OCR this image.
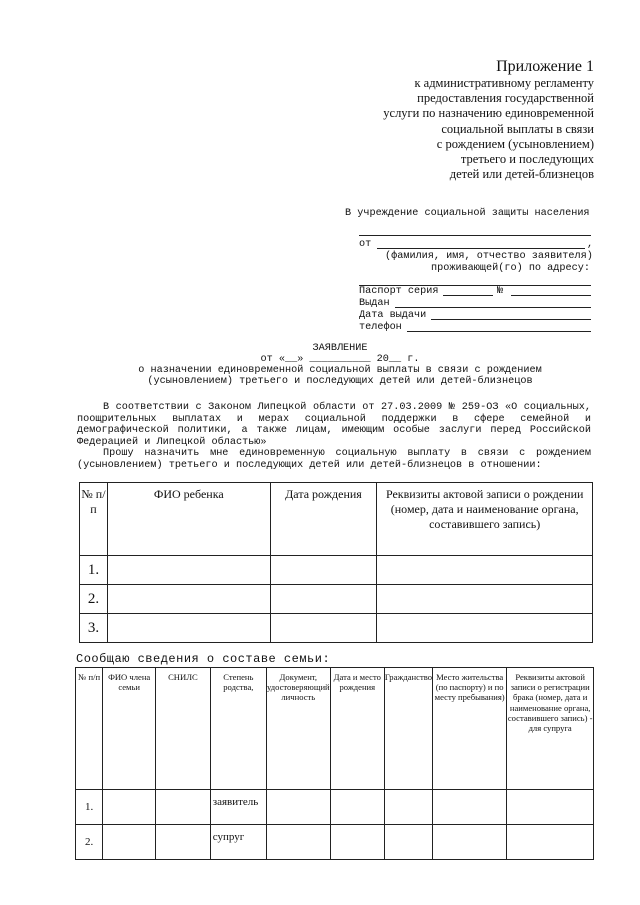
Приложение 1
к административному регламенту
предоставления государственной
услуги по назначению единовременной
социальной выплаты в связи
с рождением (усыновлением)
третьего и последующих
детей или детей-близнецов
В учреждение социальной защиты населения
от	,
(фамилия, имя, отчество заявителя)
проживающей(го) по адресу:
Паспорт серия	№
Выдан
Дата выдачи
телефон
ЗАЯВЛЕНИЕ
от «__» __________ 20__ г.
о назначении единовременной социальной выплаты в связи с рождением
(усыновлением) третьего и последующих детей или детей-близнецов
В соответствии с Законом Липецкой области от 27.03.2009 № 259-ОЗ «О социальных, поощрительных выплатах и мерах социальной поддержки в сфере семейной и демографической политики, а также лицам, имеющим особые заслуги перед Российской Федерацией и Липецкой областью»
Прошу назначить мне единовременную социальную выплату в связи с рождением (усыновлением) третьего и последующих детей или детей-близнецов в отношении:
№ п/п	ФИО ребенка	Дата рождения	Реквизиты актовой записи о рождении (номер, дата и наименование органа, составившего запись)
1.			
2.			
3.			
Сообщаю сведения о составе семьи:
№ п/п	ФИО члена семьи	СНИЛС	Степень родства,	Документ, удостоверяющий личность	Дата и место рождения	Гражданство	Место жительства (по паспорту) и по месту пребывания)	Реквизиты актовой записи о регистрации брака (номер, дата и наименование органа, составившего запись) - для супруга
1.			заявитель					
2.			супруг					
